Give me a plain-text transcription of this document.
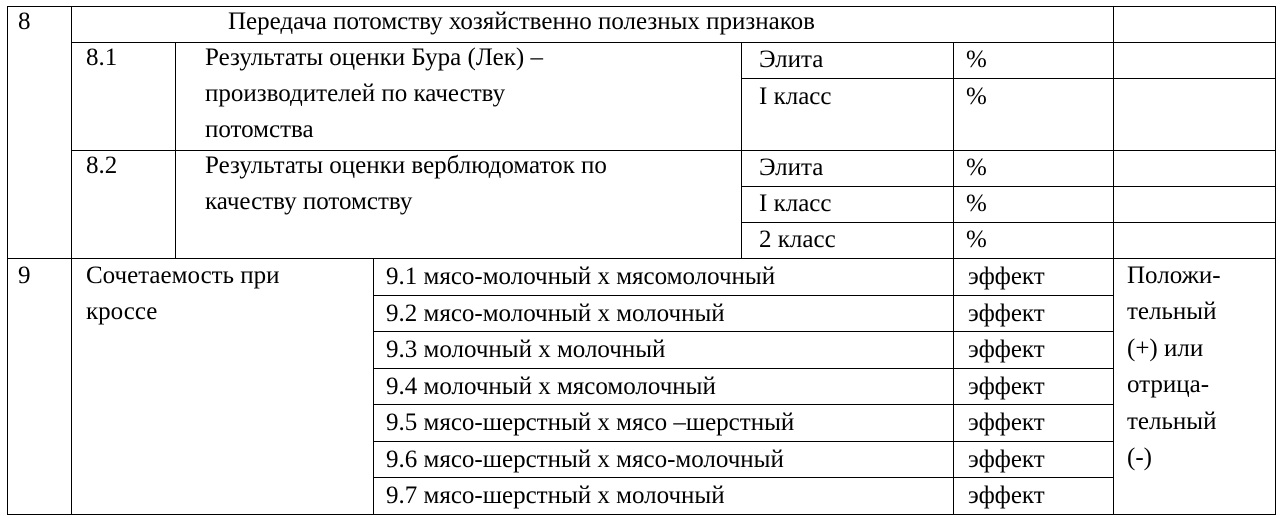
8	Передача потомству хозяйственно полезных признаков
8.1	Результаты оценки Бура (Лек) –
производителей по качеству
потомства
Элита	%
I класс	%
8.2	Результаты оценки верблюдоматок по
качеству потомству
Элита	%
I класс	%
2 класс	%
9 Сочетаемость при
кроссе
9.1 мясо-молочный х мясомолочный	эффект
9.2 мясо-молочный х молочный	эффект
9.3 молочный х молочный	эффект
9.4 молочный х мясомолочный	эффект
9.5 мясо-шерстный х мясо –шерстный	эффект
9.6 мясо-шерстный х мясо-молочный	эффект
9.7 мясо-шерстный х молочный	эффект
Положи-
тельный
(+) или
отрица-
тельный
(-)
